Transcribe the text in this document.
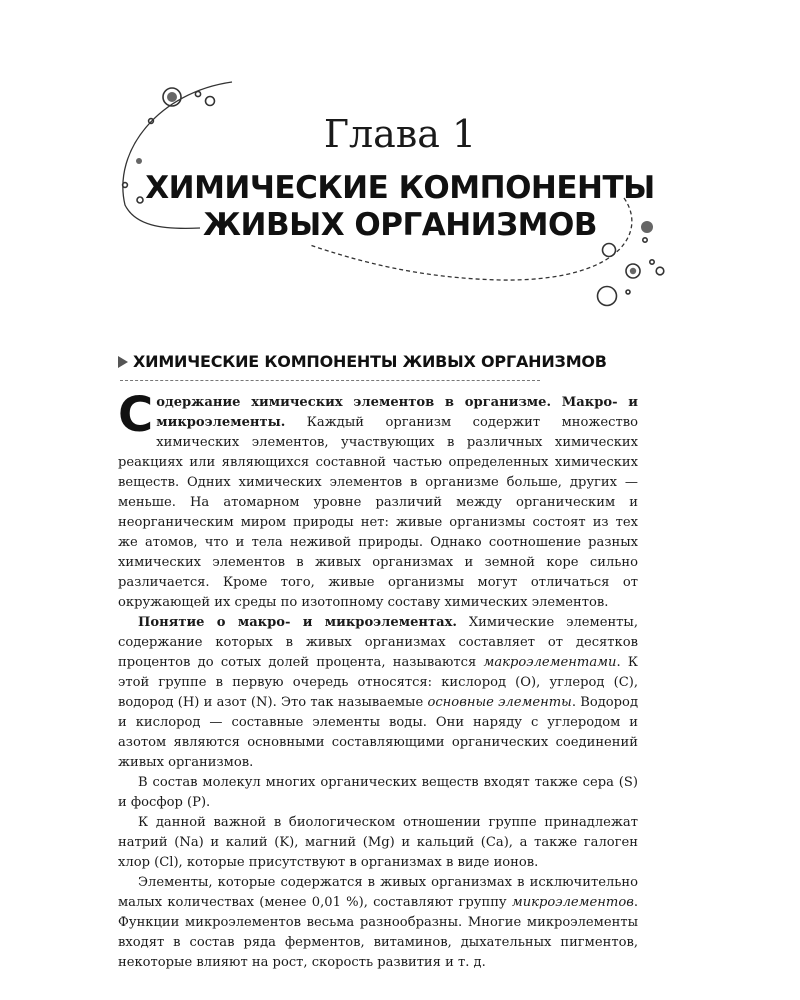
Глава 1
ХИМИЧЕСКИЕ КОМПОНЕНТЫ
ЖИВЫХ ОРГАНИЗМОВ
ХИМИЧЕСКИЕ КОМПОНЕНТЫ ЖИВЫХ ОРГАНИЗМОВ

Содержание химических элементов в организме. Макро- и микроэлементы. Каждый организм содержит множество химических элементов, участвующих в различных химических реакциях или являющихся составной частью определенных химических веществ. Одних химических элементов в организме больше, других — меньше. На атомарном уровне различий между органическим и неорганическим миром природы нет: живые организмы состоят из тех же атомов, что и тела неживой природы. Однако соотношение разных химических элементов в живых организмах и земной коре сильно различается. Кроме того, живые организмы могут отличаться от окружающей их среды по изотопному составу химических элементов.

Понятие о макро- и микроэлементах. Химические элементы, содержание которых в живых организмах составляет от десятков процентов до сотых долей процента, называются макроэлементами. К этой группе в первую очередь относятся: кислород (O), углерод (C), водород (H) и азот (N). Это так называемые основные элементы. Водород и кислород — составные элементы воды. Они наряду с углеродом и азотом являются основными составляющими органических соединений живых организмов.

В состав молекул многих органических веществ входят также сера (S) и фосфор (P).

К данной важной в биологическом отношении группе принадлежат натрий (Na) и калий (K), магний (Mg) и кальций (Ca), а также галоген хлор (Cl), которые присутствуют в организмах в виде ионов.

Элементы, которые содержатся в живых организмах в исключительно малых количествах (менее 0,01 %), составляют группу микроэлементов. Функции микроэлементов весьма разнообразны. Многие микроэлементы входят в состав ряда ферментов, витаминов, дыхательных пигментов, некоторые влияют на рост, скорость развития и т. д.
